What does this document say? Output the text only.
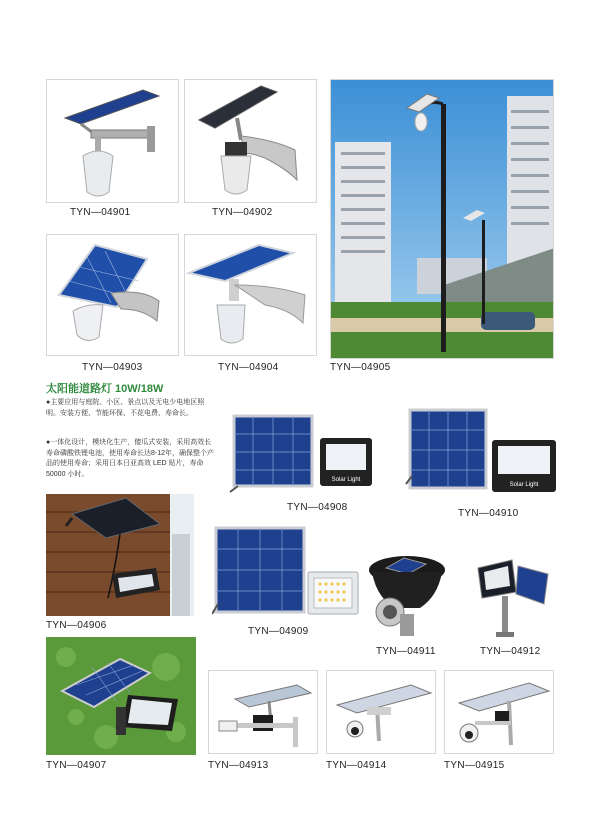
TYN—04901	TYN—04902
TYN—04905
TYN—04903	TYN—04904
太阳能道路灯 10W/18W
●主要应用与庭院、小区、景点以及无电少电地区照明。安装方便、节能环保、不花电费、寿命长。
●一体化设计，模块化生产，傻瓜式安装，采用高效长寿命磷酸铁锂电池，使用寿命长达8-12年，确保整个产品的使用寿命；采用日本日亚高效 LED 贴片，寿命 50000 小时。
Solar Light
TYN—04908
Solar Light
TYN—04910
TYN—04906
TYN—04909
TYN—04911	TYN—04912
TYN—04907	TYN—04913	TYN—04914	TYN—04915
